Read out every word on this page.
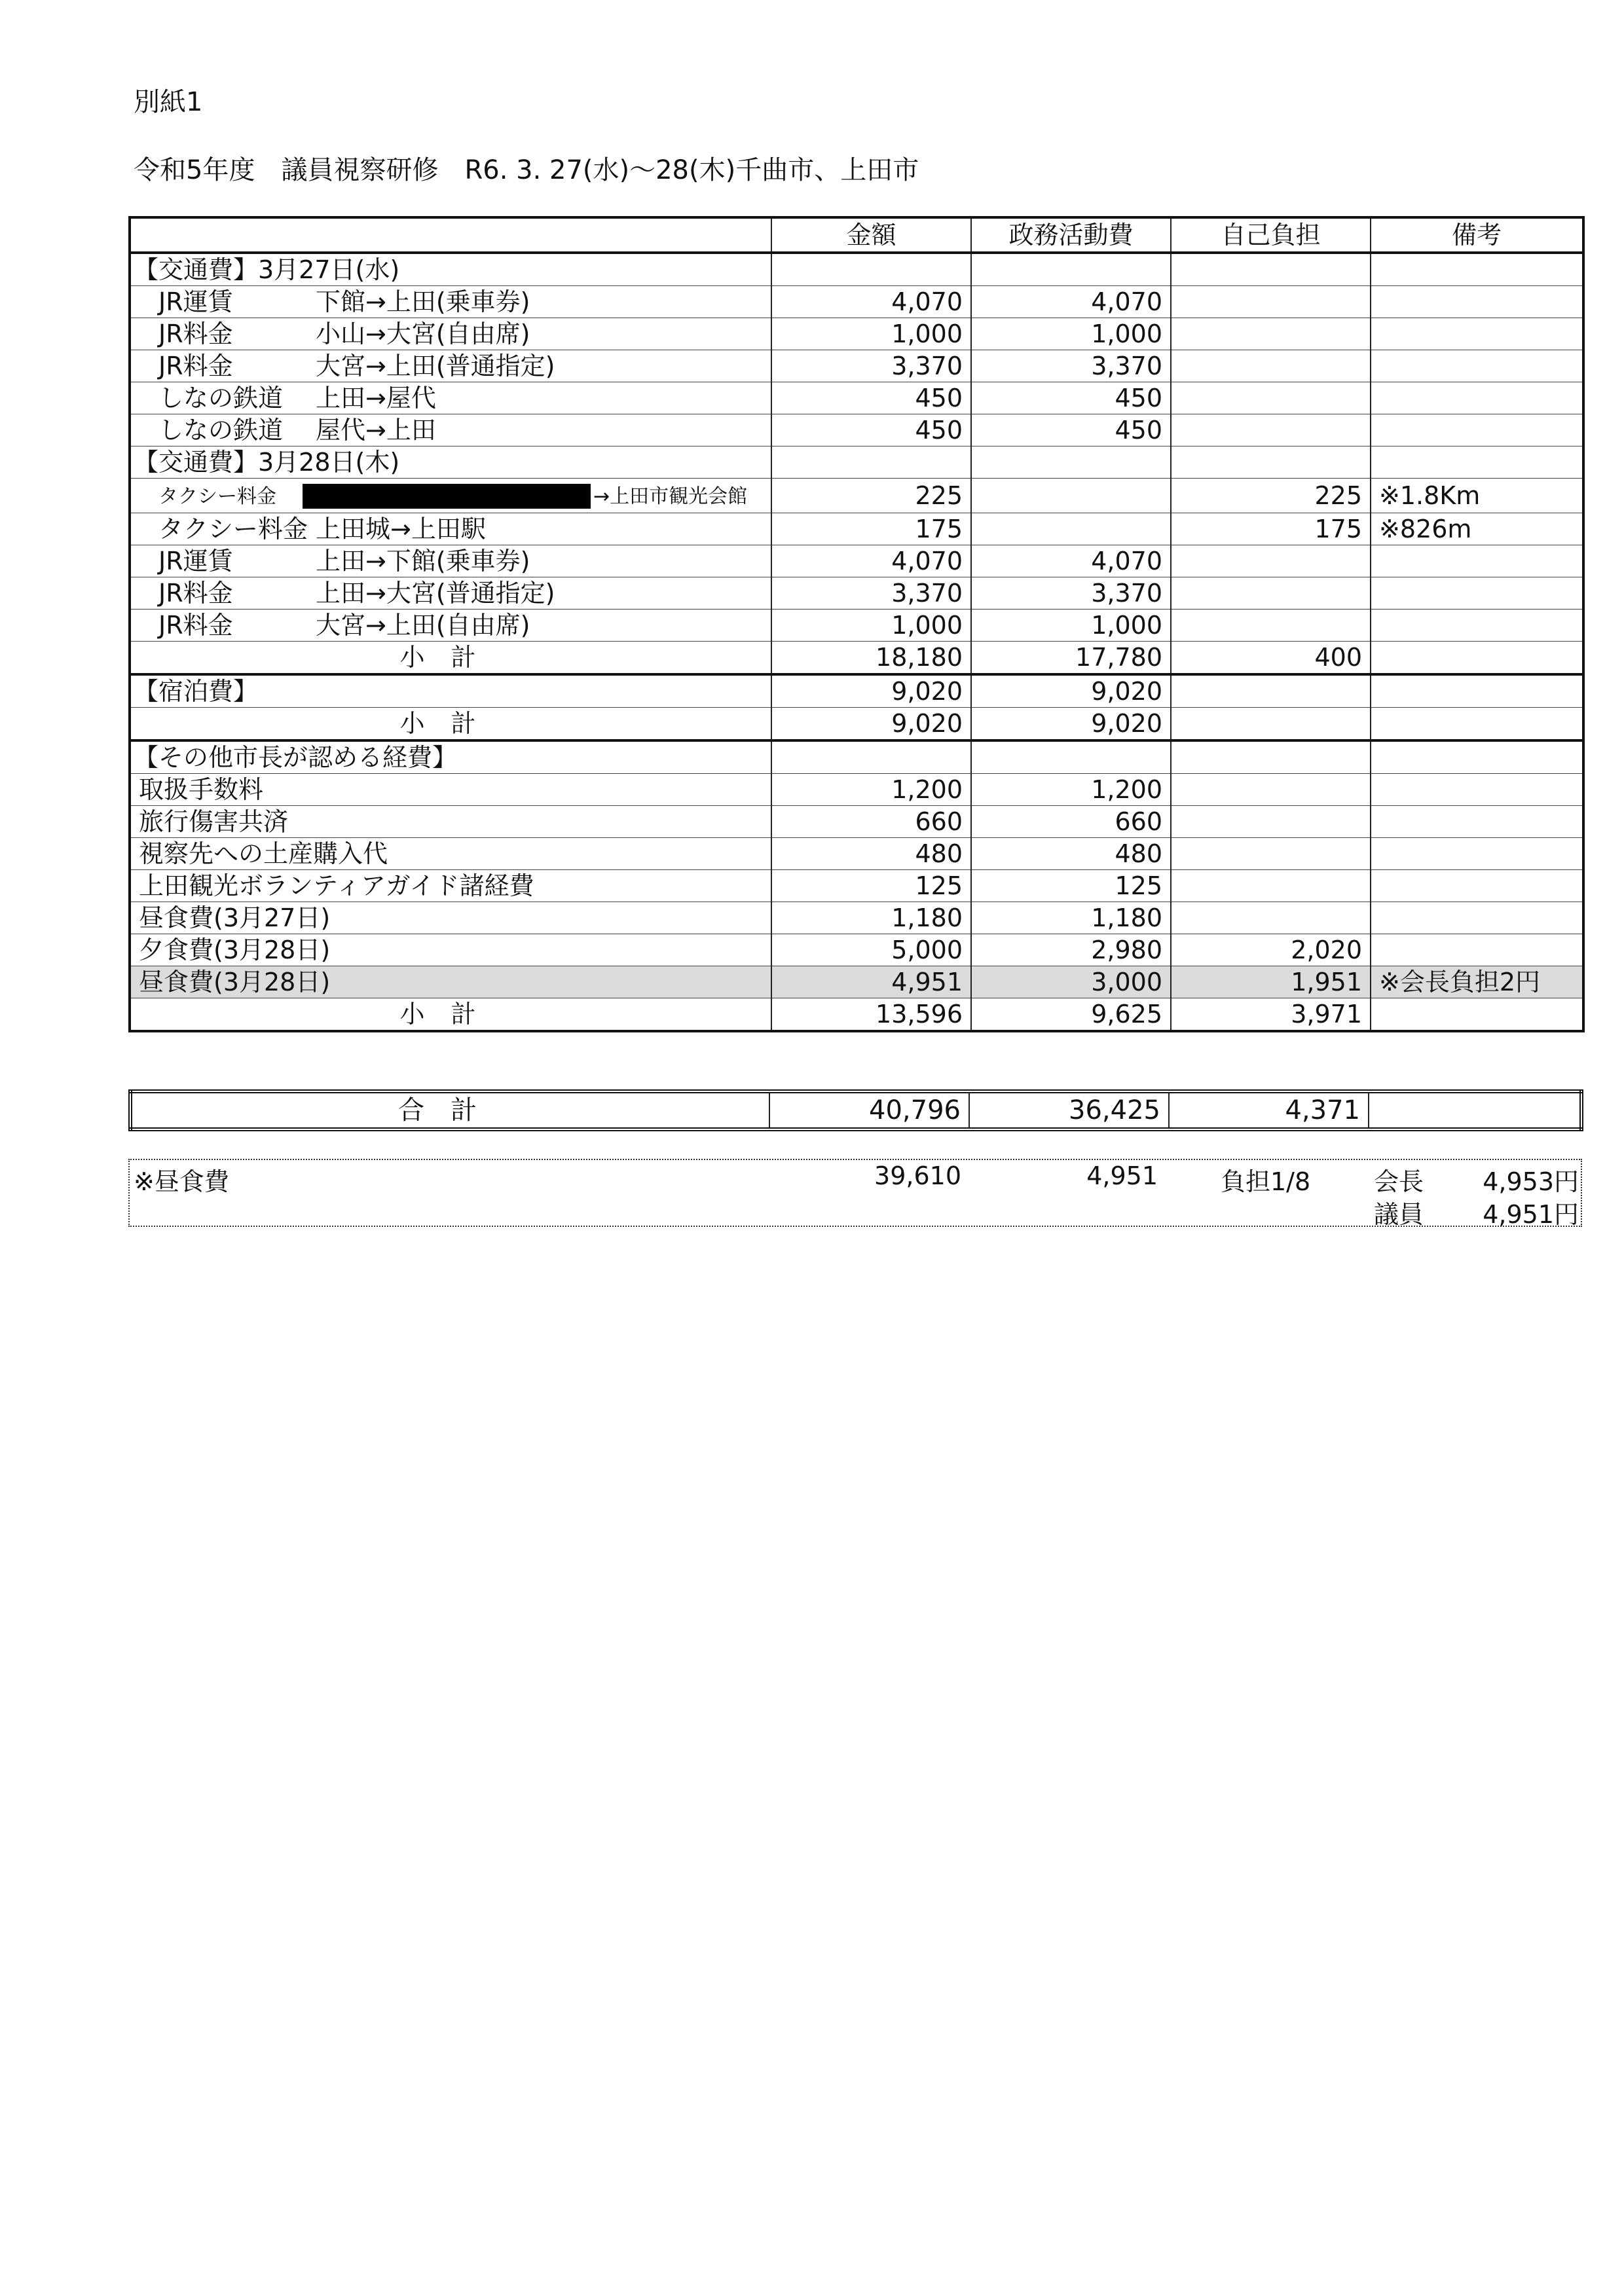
別紙1
令和5年度　議員視察研修　R6. 3. 27(水)～28(木)千曲市、上田市
	金額	政務活動費	自己負担	備考
【交通費】3月27日(水)				
JR運賃 下館→上田(乗車券)	4,070	4,070		
JR料金 小山→大宮(自由席)	1,000	1,000		
JR料金 大宮→上田(普通指定)	3,370	3,370		
しなの鉄道 上田→屋代	450	450		
しなの鉄道 屋代→上田	450	450		
【交通費】3月28日(木)				
タクシー料金 →上田市観光会館	225		225	※1.8Km
タクシー料金 上田城→上田駅	175		175	※826m
JR運賃 上田→下館(乗車券)	4,070	4,070		
JR料金 上田→大宮(普通指定)	3,370	3,370		
JR料金 大宮→上田(自由席)	1,000	1,000		
小計	18,180	17,780	400	
【宿泊費】	9,020	9,020		
小計	9,020	9,020		
【その他市長が認める経費】				
取扱手数料	1,200	1,200		
旅行傷害共済	660	660		
視察先への土産購入代	480	480		
上田観光ボランティアガイド諸経費	125	125		
昼食費(3月27日)	1,180	1,180		
夕食費(3月28日)	5,000	2,980	2,020	
昼食費(3月28日)	4,951	3,000	1,951	※会長負担2円
小計	13,596	9,625	3,971	
合計	40,796	36,425	4,371	
※昼食費	39,610	4,951	負担1/8	会長	4,953円
議員	4,951円
